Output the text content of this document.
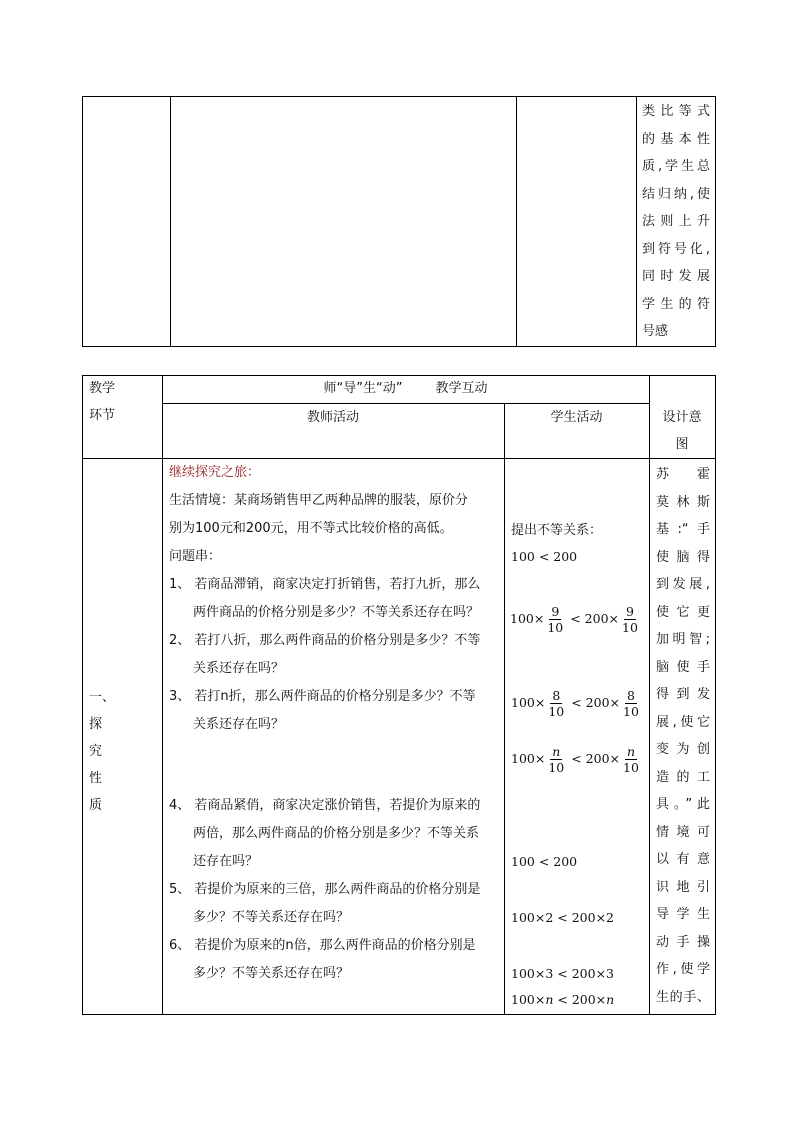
类比等式
的基本性
质,学生总
结归纳,使
法则上升
到符号化,
同时发展
学生的符
号感
教学
环节
师“导”生“动”        教学互动
教师活动	学生活动	设计意
图
一、
探
究
性
质
继续探究之旅：
生活情境：某商场销售甲乙两种品牌的服装，原价分
别为100元和200元，用不等式比较价格的高低。
问题串：
1、 若商品滞销，商家决定打折销售，若打九折，那么
两件商品的价格分别是多少？不等关系还存在吗？
2、 若打八折，那么两件商品的价格分别是多少？不等
关系还存在吗？
3、 若打n折，那么两件商品的价格分别是多少？不等
关系还存在吗？
4、 若商品紧俏，商家决定涨价销售，若提价为原来的
两倍，那么两件商品的价格分别是多少？不等关系
还存在吗？
5、 若提价为原来的三倍，那么两件商品的价格分别是
多少？不等关系还存在吗？
6、 若提价为原来的n倍，那么两件商品的价格分别是
多少？不等关系还存在吗？
提出不等关系：
100 < 200
$100\times \frac{9}{10} < 200\times \frac{9}{10}$
$100\times \frac{8}{10} < 200\times \frac{8}{10}$
$100\times \frac{n}{10} < 200\times \frac{n}{10}$
100 < 200
100×2 < 200×2
100×3 < 200×3
100×n < 200×n
苏 霍
莫林斯
基:“手
使脑得
到发展,
使它更
加明智;
脑使手
得到发
展,使它
变为创
造的工
具。”此
情境可
以有意
识地引
导学生
动手操
作,使学
生的手、
